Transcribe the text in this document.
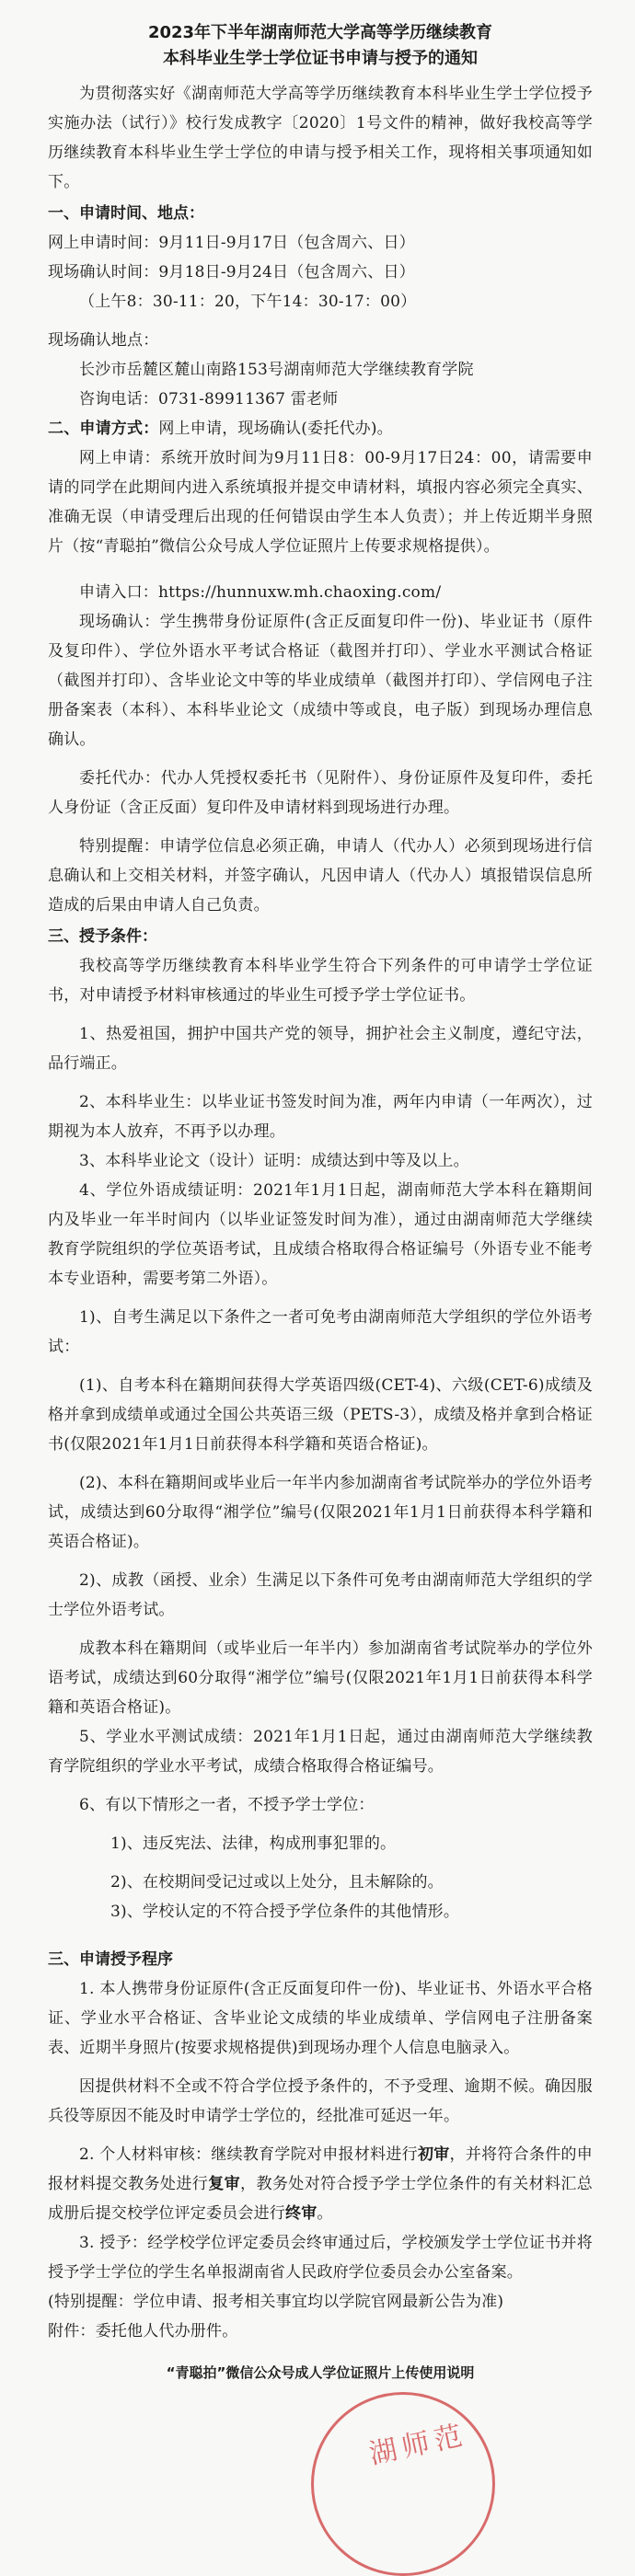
2023年下半年湖南师范大学高等学历继续教育
本科毕业生学士学位证书申请与授予的通知

为贯彻落实好《湖南师范大学高等学历继续教育本科毕业生学士学位授予实施办法（试行）》校行发成教字〔2020〕1号文件的精神，做好我校高等学历继续教育本科毕业生学士学位的申请与授予相关工作，现将相关事项通知如下。

一、申请时间、地点：

网上申请时间：9月11日-9月17日（包含周六、日）

现场确认时间：9月18日-9月24日（包含周六、日）

（上午8：30-11：20，下午14：30-17：00）

现场确认地点：

长沙市岳麓区麓山南路153号湖南师范大学继续教育学院

咨询电话：0731-89911367 雷老师

二、申请方式：网上申请，现场确认(委托代办)。

网上申请：系统开放时间为9月11日8：00-9月17日24：00，请需要申请的同学在此期间内进入系统填报并提交申请材料，填报内容必须完全真实、准确无误（申请受理后出现的任何错误由学生本人负责）；并上传近期半身照片（按“青聪拍”微信公众号成人学位证照片上传要求规格提供）。

申请入口：https://hunnuxw.mh.chaoxing.com/

现场确认：学生携带身份证原件(含正反面复印件一份)、毕业证书（原件及复印件）、学位外语水平考试合格证（截图并打印）、学业水平测试合格证（截图并打印）、含毕业论文中等的毕业成绩单（截图并打印）、学信网电子注册备案表（本科）、本科毕业论文（成绩中等或良，电子版）到现场办理信息确认。

委托代办：代办人凭授权委托书（见附件）、身份证原件及复印件，委托人身份证（含正反面）复印件及申请材料到现场进行办理。

特别提醒：申请学位信息必须正确，申请人（代办人）必须到现场进行信息确认和上交相关材料，并签字确认，凡因申请人（代办人）填报错误信息所造成的后果由申请人自己负责。

三、授予条件：

我校高等学历继续教育本科毕业学生符合下列条件的可申请学士学位证书，对申请授予材料审核通过的毕业生可授予学士学位证书。

1、热爱祖国，拥护中国共产党的领导，拥护社会主义制度，遵纪守法，品行端正。

2、本科毕业生：以毕业证书签发时间为准，两年内申请（一年两次），过期视为本人放弃，不再予以办理。

3、本科毕业论文（设计）证明：成绩达到中等及以上。

4、学位外语成绩证明：2021年1月1日起，湖南师范大学本科在籍期间内及毕业一年半时间内（以毕业证签发时间为准），通过由湖南师范大学继续教育学院组织的学位英语考试，且成绩合格取得合格证编号（外语专业不能考本专业语种，需要考第二外语）。

1)、自考生满足以下条件之一者可免考由湖南师范大学组织的学位外语考试：

(1)、自考本科在籍期间获得大学英语四级(CET-4)、六级(CET-6)成绩及格并拿到成绩单或通过全国公共英语三级（PETS-3），成绩及格并拿到合格证书(仅限2021年1月1日前获得本科学籍和英语合格证)。

(2)、本科在籍期间或毕业后一年半内参加湖南省考试院举办的学位外语考试，成绩达到60分取得“湘学位”编号(仅限2021年1月1日前获得本科学籍和英语合格证)。

2)、成教（函授、业余）生满足以下条件可免考由湖南师范大学组织的学士学位外语考试。

成教本科在籍期间（或毕业后一年半内）参加湖南省考试院举办的学位外语考试，成绩达到60分取得“湘学位”编号(仅限2021年1月1日前获得本科学籍和英语合格证)。

5、学业水平测试成绩：2021年1月1日起，通过由湖南师范大学继续教育学院组织的学业水平考试，成绩合格取得合格证编号。

6、有以下情形之一者，不授予学士学位：

1)、违反宪法、法律，构成刑事犯罪的。

2)、在校期间受记过或以上处分，且未解除的。

3)、学校认定的不符合授予学位条件的其他情形。

三、申请授予程序

1. 本人携带身份证原件(含正反面复印件一份)、毕业证书、外语水平合格证、学业水平合格证、含毕业论文成绩的毕业成绩单、学信网电子注册备案表、近期半身照片(按要求规格提供)到现场办理个人信息电脑录入。

因提供材料不全或不符合学位授予条件的，不予受理、逾期不候。确因服兵役等原因不能及时申请学士学位的，经批准可延迟一年。

2. 个人材料审核：继续教育学院对申报材料进行初审，并将符合条件的申报材料提交教务处进行复审，教务处对符合授予学士学位条件的有关材料汇总成册后提交校学位评定委员会进行终审。

3. 授予：经学校学位评定委员会终审通过后，学校颁发学士学位证书并将授予学士学位的学生名单报湖南省人民政府学位委员会办公室备案。

(特别提醒：学位申请、报考相关事宜均以学院官网最新公告为准)

附件：委托他人代办册件。

“青聪拍”微信公众号成人学位证照片上传使用说明
湖师范
